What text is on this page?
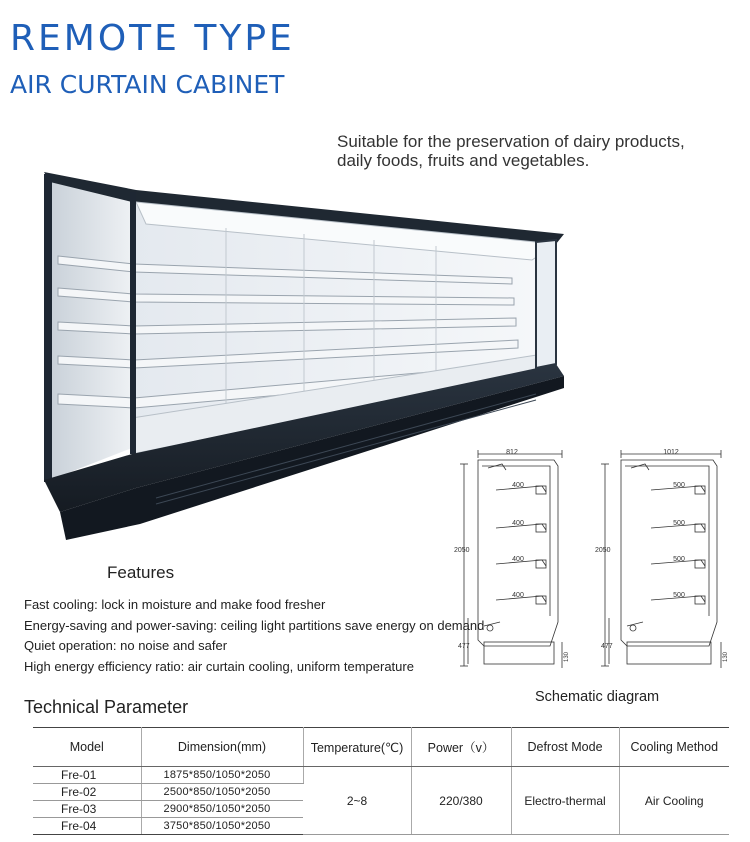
REMOTE TYPE
AIR CURTAIN CABINET
Suitable for the preservation of dairy products,
daily foods, fruits and vegetables.
812
2050
477
130
400
400
400
400
1012
2050
477
130
500
500
500
500
Features
Fast cooling: lock in moisture and make food fresher
Energy-saving and power-saving: ceiling light partitions save energy on demand
Quiet operation: no noise and safer
High energy efficiency ratio: air curtain cooling, uniform temperature
Schematic diagram
Technical Parameter
Model	Dimension(mm)	Temperature(℃)	Power（v）	Defrost Mode	Cooling Method
Fre-01	1875*850/1050*2050	2~8	220/380	Electro-thermal	Air Cooling
Fre-02	2500*850/1050*2050				
Fre-03	2900*850/1050*2050				
Fre-04	3750*850/1050*2050				
